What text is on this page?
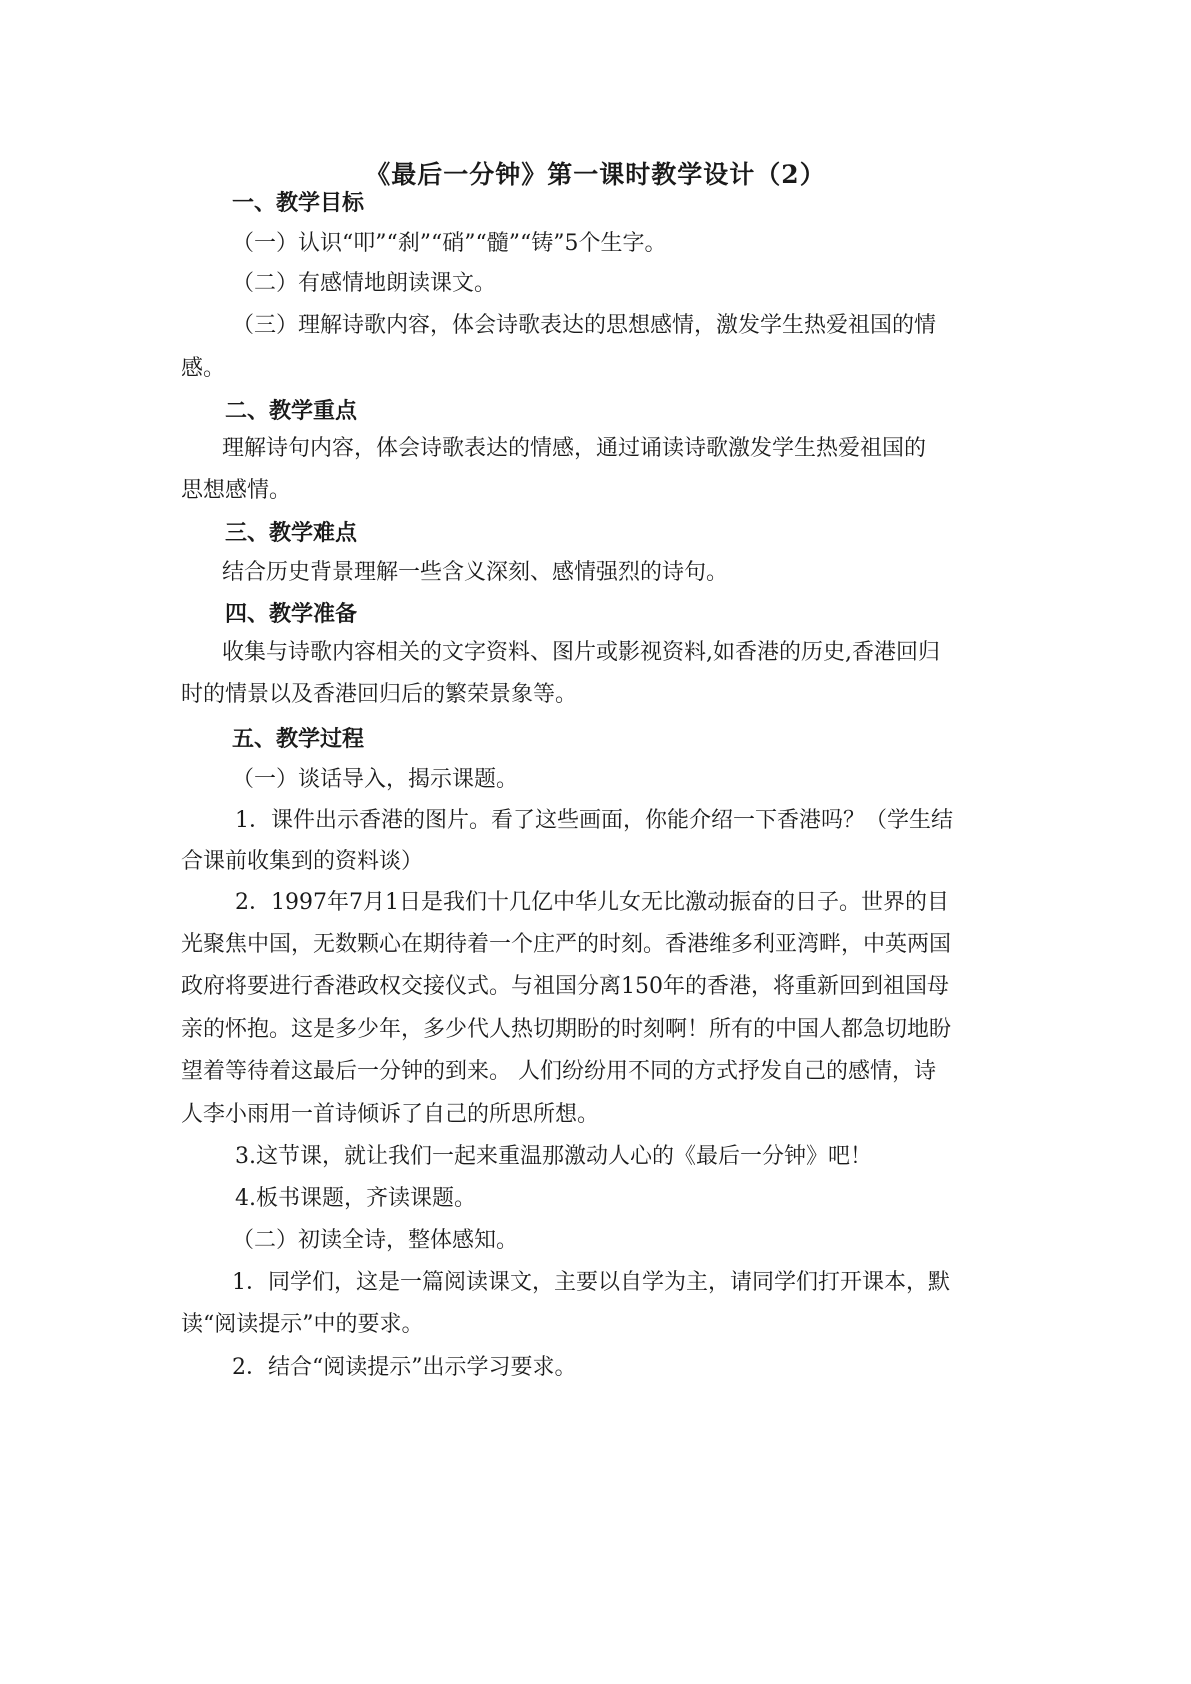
《最后一分钟》第一课时教学设计（2）
一、教学目标
（一）认识“叩”“刹”“硝”“髓”“铸”5个生字。
（二）有感情地朗读课文。
（三）理解诗歌内容，体会诗歌表达的思想感情，激发学生热爱祖国的情
感。
二、教学重点
理解诗句内容，体会诗歌表达的情感，通过诵读诗歌激发学生热爱祖国的
思想感情。
三、教学难点
结合历史背景理解一些含义深刻、感情强烈的诗句。
四、教学准备
收集与诗歌内容相关的文字资料、图片或影视资料,如香港的历史,香港回归
时的情景以及香港回归后的繁荣景象等。
五、教学过程
（一）谈话导入，揭示课题。
1．课件出示香港的图片。看了这些画面，你能介绍一下香港吗？（学生结
合课前收集到的资料谈）
2．1997年7月1日是我们十几亿中华儿女无比激动振奋的日子。世界的目
光聚焦中国，无数颗心在期待着一个庄严的时刻。香港维多利亚湾畔，中英两国
政府将要进行香港政权交接仪式。与祖国分离150年的香港，将重新回到祖国母
亲的怀抱。这是多少年，多少代人热切期盼的时刻啊！所有的中国人都急切地盼
望着等待着这最后一分钟的到来。 人们纷纷用不同的方式抒发自己的感情，诗
人李小雨用一首诗倾诉了自己的所思所想。
3.这节课，就让我们一起来重温那激动人心的《最后一分钟》吧！
4.板书课题，齐读课题。
（二）初读全诗，整体感知。
1．同学们，这是一篇阅读课文，主要以自学为主，请同学们打开课本，默
读“阅读提示”中的要求。
2．结合“阅读提示”出示学习要求。
